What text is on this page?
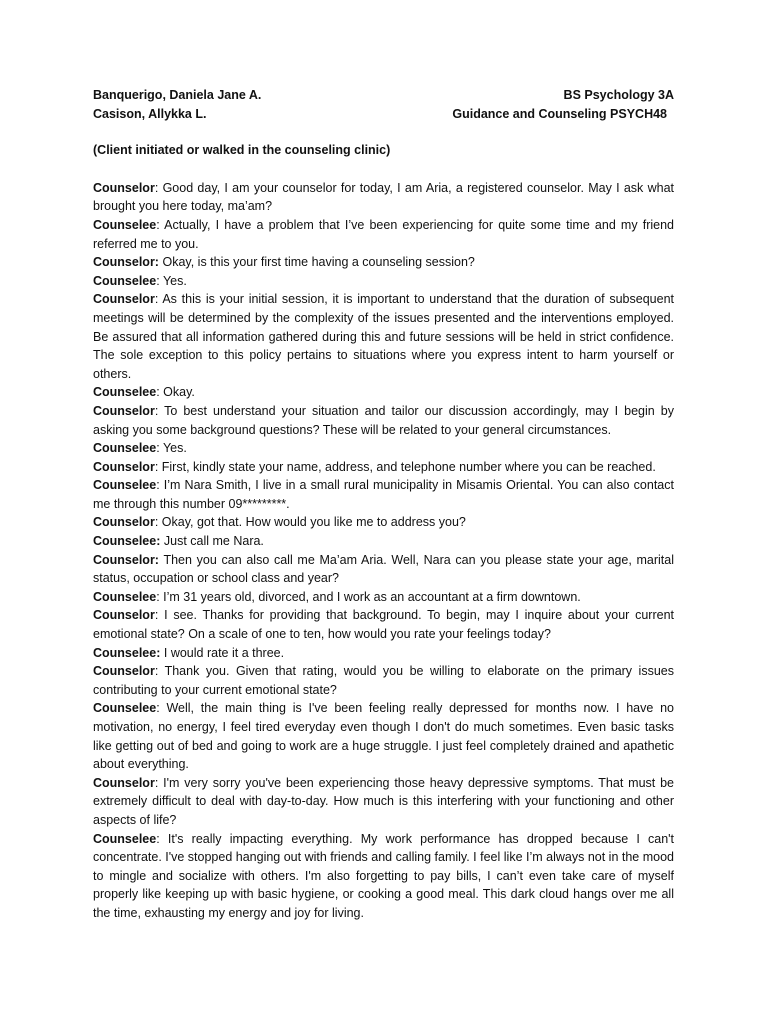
Banquerigo, Daniela Jane A.	BS Psychology 3A
Casison, Allykka L.	Guidance and Counseling PSYCH48
(Client initiated or walked in the counseling clinic)

Counselor: Good day, I am your counselor for today, I am Aria, a registered counselor. May I ask what brought you here today, ma’am?

Counselee: Actually, I have a problem that I’ve been experiencing for quite some time and my friend referred me to you.

Counselor: Okay, is this your first time having a counseling session?

Counselee: Yes.

Counselor: As this is your initial session, it is important to understand that the duration of subsequent meetings will be determined by the complexity of the issues presented and the interventions employed. Be assured that all information gathered during this and future sessions will be held in strict confidence. The sole exception to this policy pertains to situations where you express intent to harm yourself or others.

Counselee: Okay.

Counselor: To best understand your situation and tailor our discussion accordingly, may I begin by asking you some background questions? These will be related to your general circumstances.

Counselee: Yes.

Counselor: First, kindly state your name, address, and telephone number where you can be reached.

Counselee: I’m Nara Smith, I live in a small rural municipality in Misamis Oriental. You can also contact me through this number 09*********.

Counselor: Okay, got that. How would you like me to address you?

Counselee: Just call me Nara.

Counselor: Then you can also call me Ma’am Aria. Well, Nara can you please state your age, marital status, occupation or school class and year?

Counselee: I’m 31 years old, divorced, and I work as an accountant at a firm downtown.

Counselor: I see. Thanks for providing that background. To begin, may I inquire about your current emotional state? On a scale of one to ten, how would you rate your feelings today?

Counselee: I would rate it a three.

Counselor: Thank you. Given that rating, would you be willing to elaborate on the primary issues contributing to your current emotional state?

Counselee: Well, the main thing is I've been feeling really depressed for months now. I have no motivation, no energy, I feel tired everyday even though I don't do much sometimes. Even basic tasks like getting out of bed and going to work are a huge struggle. I just feel completely drained and apathetic about everything.

Counselor: I'm very sorry you've been experiencing those heavy depressive symptoms. That must be extremely difficult to deal with day-to-day. How much is this interfering with your functioning and other aspects of life?

Counselee: It's really impacting everything. My work performance has dropped because I can't concentrate. I've stopped hanging out with friends and calling family. I feel like I’m always not in the mood to mingle and socialize with others. I'm also forgetting to pay bills, I can’t even take care of myself properly like keeping up with basic hygiene, or cooking a good meal. This dark cloud hangs over me all the time, exhausting my energy and joy for living.
